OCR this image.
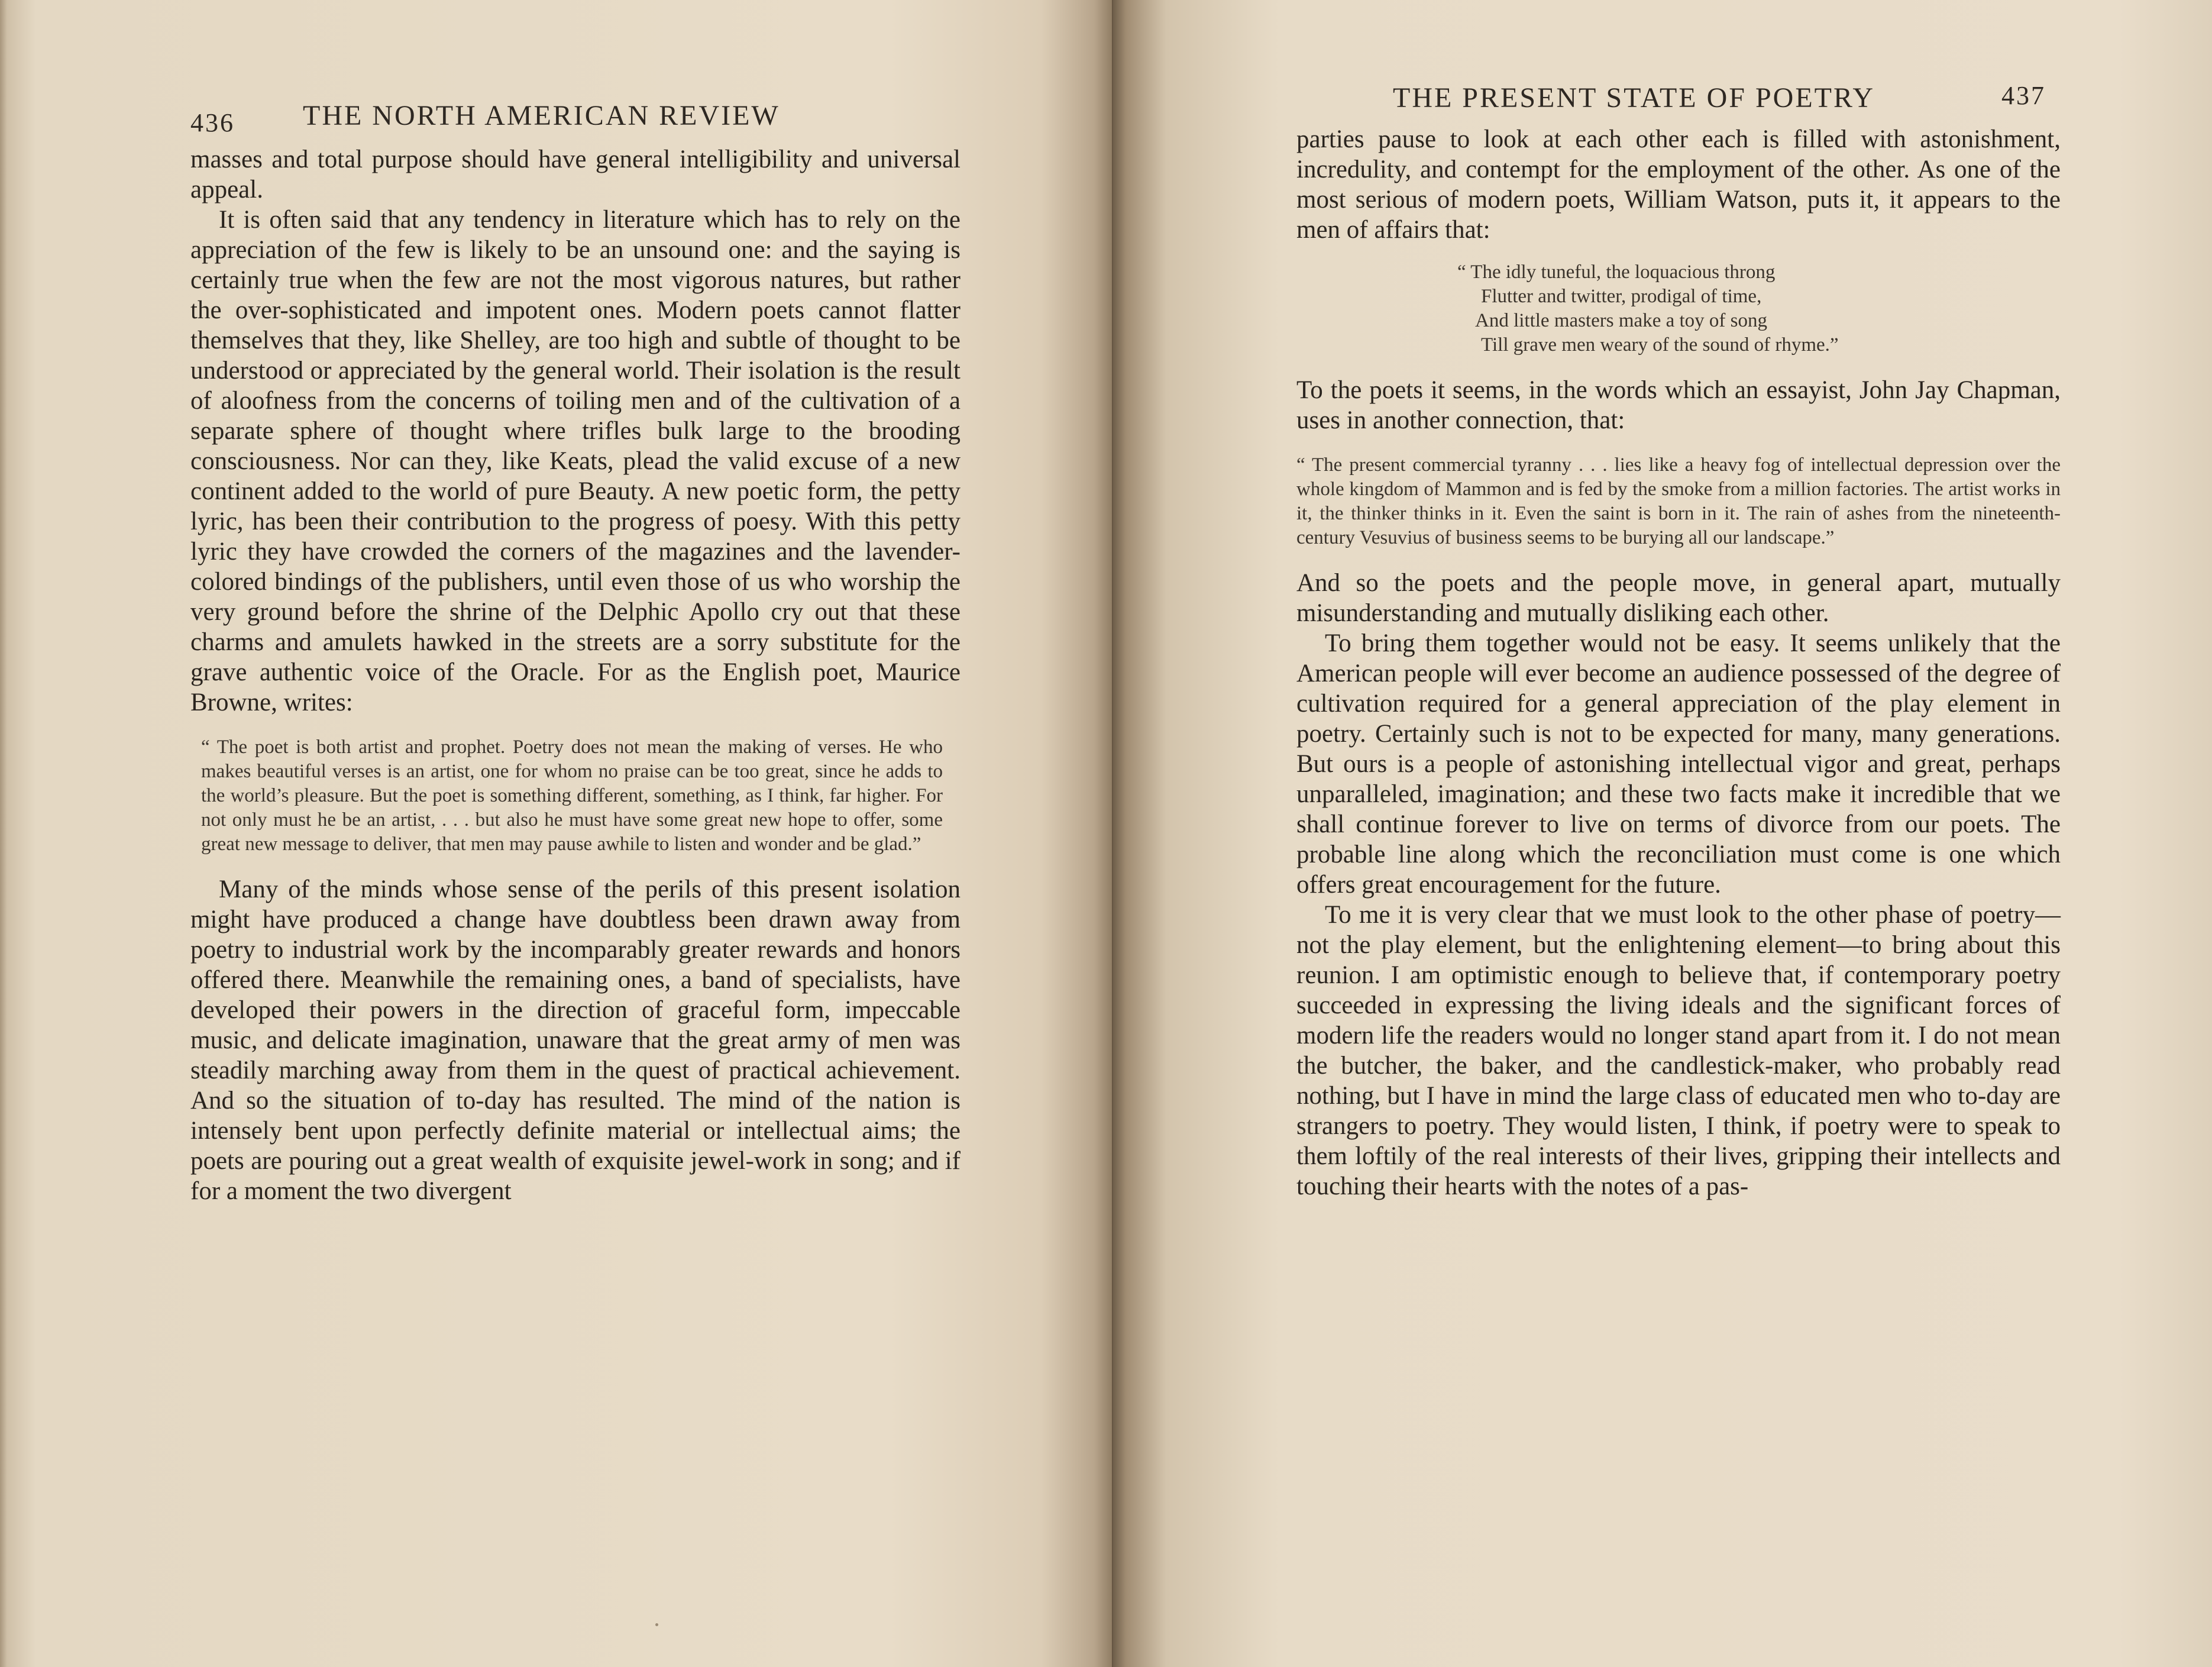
436 THE NORTH AMERICAN REVIEW

masses and total purpose should have general intelligibility and universal appeal.

It is often said that any tendency in literature which has to rely on the appreciation of the few is likely to be an unsound one: and the saying is certainly true when the few are not the most vigorous natures, but rather the over-sophisticated and impotent ones. Modern poets cannot flatter themselves that they, like Shelley, are too high and subtle of thought to be understood or appreciated by the general world. Their isolation is the result of aloofness from the concerns of toiling men and of the cultivation of a separate sphere of thought where trifles bulk large to the brooding consciousness. Nor can they, like Keats, plead the valid excuse of a new continent added to the world of pure Beauty. A new poetic form, the petty lyric, has been their contribution to the progress of poesy. With this petty lyric they have crowded the corners of the magazines and the lavender-colored bindings of the publishers, until even those of us who worship the very ground before the shrine of the Delphic Apollo cry out that these charms and amulets hawked in the streets are a sorry substitute for the grave authentic voice of the Oracle. For as the English poet, Maurice Browne, writes:

“ The poet is both artist and prophet. Poetry does not mean the making of verses. He who makes beautiful verses is an artist, one for whom no praise can be too great, since he adds to the world’s pleasure. But the poet is something different, something, as I think, far higher. For not only must he be an artist, . . . but also he must have some great new hope to offer, some great new message to deliver, that men may pause awhile to listen and wonder and be glad.”

Many of the minds whose sense of the perils of this present isolation might have produced a change have doubtless been drawn away from poetry to industrial work by the incomparably greater rewards and honors offered there. Meanwhile the remaining ones, a band of specialists, have developed their powers in the direction of graceful form, impeccable music, and delicate imagination, unaware that the great army of men was steadily marching away from them in the quest of practical achievement. And so the situation of to-day has resulted. The mind of the nation is intensely bent upon perfectly definite material or intellectual aims; the poets are pouring out a great wealth of exquisite jewel-work in song; and if for a moment the two divergent

THE PRESENT STATE OF POETRY	437

parties pause to look at each other each is filled with astonishment, incredulity, and contempt for the employment of the other. As one of the most serious of modern poets, William Watson, puts it, it appears to the men of affairs that:

“ The idly tuneful, the loquacious throng
Flutter and twitter, prodigal of time,
And little masters make a toy of song
Till grave men weary of the sound of rhyme.”

To the poets it seems, in the words which an essayist, John Jay Chapman, uses in another connection, that:

“ The present commercial tyranny . . . lies like a heavy fog of intellectual depression over the whole kingdom of Mammon and is fed by the smoke from a million factories. The artist works in it, the thinker thinks in it. Even the saint is born in it. The rain of ashes from the nineteenth-century Vesuvius of business seems to be burying all our landscape.”

And so the poets and the people move, in general apart, mutually misunderstanding and mutually disliking each other.

To bring them together would not be easy. It seems unlikely that the American people will ever become an audience possessed of the degree of cultivation required for a general appreciation of the play element in poetry. Certainly such is not to be expected for many, many generations. But ours is a people of astonishing intellectual vigor and great, perhaps unparalleled, imagination; and these two facts make it incredible that we shall continue forever to live on terms of divorce from our poets. The probable line along which the reconciliation must come is one which offers great encouragement for the future.

To me it is very clear that we must look to the other phase of poetry—not the play element, but the enlightening element—to bring about this reunion. I am optimistic enough to believe that, if contemporary poetry succeeded in expressing the living ideals and the significant forces of modern life the readers would no longer stand apart from it. I do not mean the butcher, the baker, and the candlestick-maker, who probably read nothing, but I have in mind the large class of educated men who to-day are strangers to poetry. They would listen, I think, if poetry were to speak to them loftily of the real interests of their lives, gripping their intellects and touching their hearts with the notes of a pas-
